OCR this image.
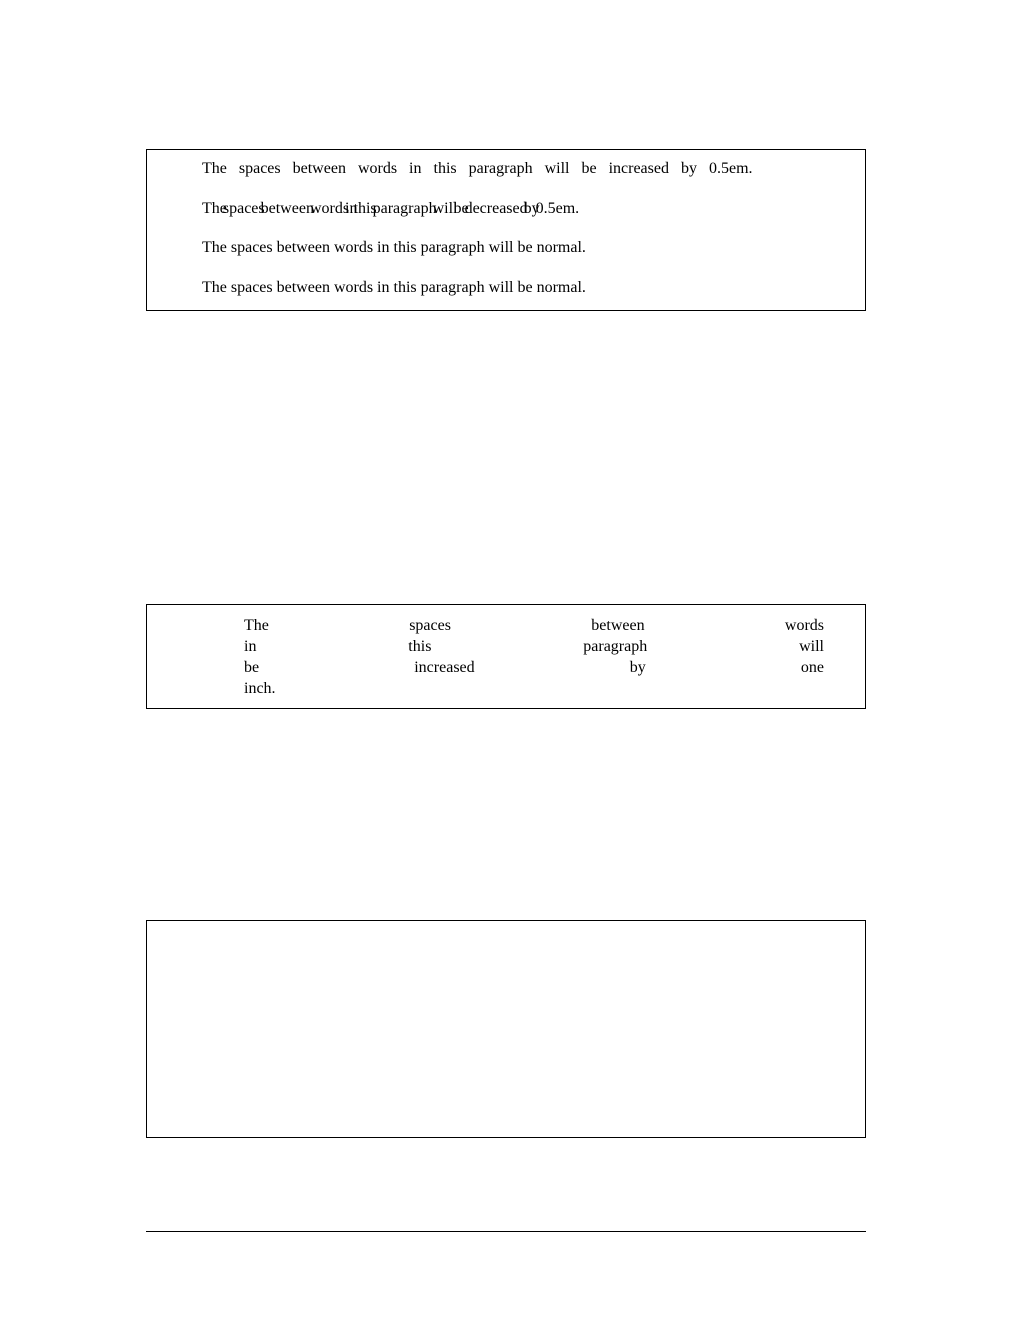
The spaces between words in this paragraph will be increased by 0.5em.

The spaces between words in this paragraph will be decreased by 0.5em.

The spaces between words in this paragraph will be normal.

The spaces between words in this paragraph will be normal.

The	spaces	between	words
in	this	paragraph	will
be	increased	by	one
inch.
